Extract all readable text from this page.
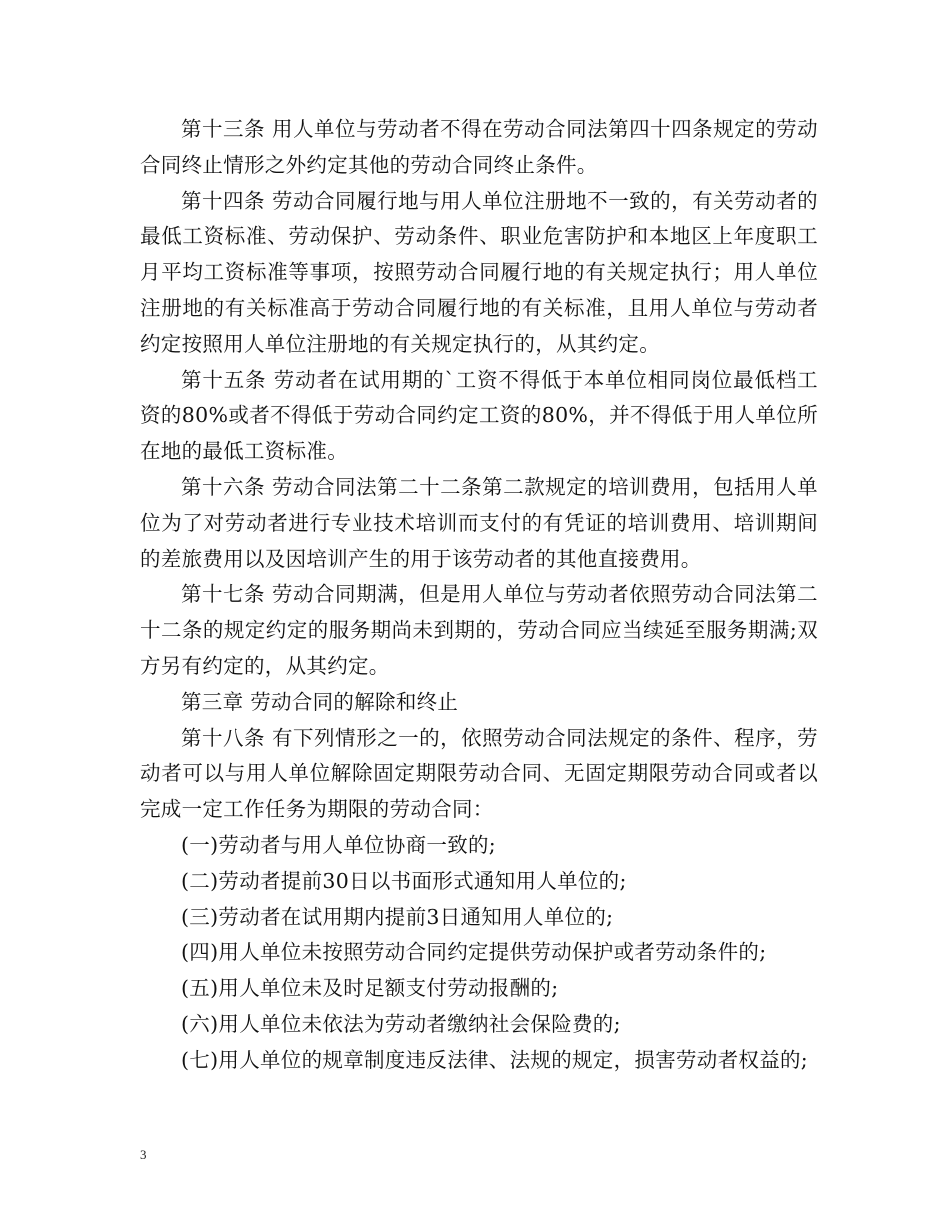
第十三条 用人单位与劳动者不得在劳动合同法第四十四条规定的劳动合同终止情形之外约定其他的劳动合同终止条件。

第十四条 劳动合同履行地与用人单位注册地不一致的，有关劳动者的最低工资标准、劳动保护、劳动条件、职业危害防护和本地区上年度职工月平均工资标准等事项，按照劳动合同履行地的有关规定执行；用人单位注册地的有关标准高于劳动合同履行地的有关标准，且用人单位与劳动者约定按照用人单位注册地的有关规定执行的，从其约定。

第十五条 劳动者在试用期的`工资不得低于本单位相同岗位最低档工资的80%或者不得低于劳动合同约定工资的80%，并不得低于用人单位所在地的最低工资标准。

第十六条 劳动合同法第二十二条第二款规定的培训费用，包括用人单位为了对劳动者进行专业技术培训而支付的有凭证的培训费用、培训期间的差旅费用以及因培训产生的用于该劳动者的其他直接费用。

第十七条 劳动合同期满，但是用人单位与劳动者依照劳动合同法第二十二条的规定约定的服务期尚未到期的，劳动合同应当续延至服务期满;双方另有约定的，从其约定。

第三章 劳动合同的解除和终止

第十八条 有下列情形之一的，依照劳动合同法规定的条件、程序，劳动者可以与用人单位解除固定期限劳动合同、无固定期限劳动合同或者以完成一定工作任务为期限的劳动合同：

(一)劳动者与用人单位协商一致的;

(二)劳动者提前30日以书面形式通知用人单位的;

(三)劳动者在试用期内提前3日通知用人单位的;

(四)用人单位未按照劳动合同约定提供劳动保护或者劳动条件的;

(五)用人单位未及时足额支付劳动报酬的;

(六)用人单位未依法为劳动者缴纳社会保险费的;

(七)用人单位的规章制度违反法律、法规的规定，损害劳动者权益的;

3
